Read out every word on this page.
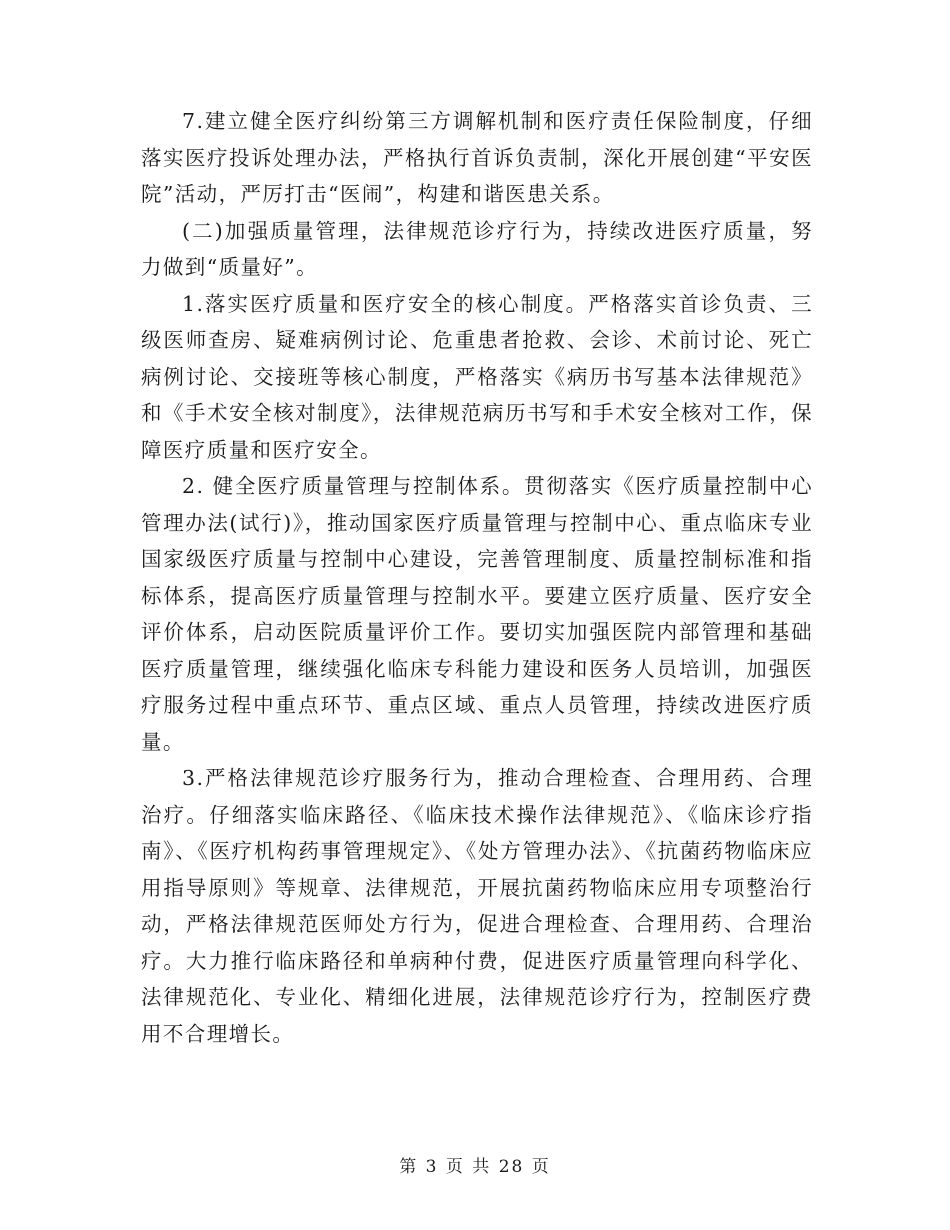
7.建立健全医疗纠纷第三方调解机制和医疗责任保险制度，仔细落实医疗投诉处理办法，严格执行首诉负责制，深化开展创建“平安医院”活动，严厉打击“医闹”，构建和谐医患关系。

(二)加强质量管理，法律规范诊疗行为，持续改进医疗质量，努力做到“质量好”。

1.落实医疗质量和医疗安全的核心制度。严格落实首诊负责、三级医师查房、疑难病例讨论、危重患者抢救、会诊、术前讨论、死亡病例讨论、交接班等核心制度，严格落实《病历书写基本法律规范》和《手术安全核对制度》，法律规范病历书写和手术安全核对工作，保障医疗质量和医疗安全。

2. 健全医疗质量管理与控制体系。贯彻落实《医疗质量控制中心管理办法(试行)》，推动国家医疗质量管理与控制中心、重点临床专业国家级医疗质量与控制中心建设，完善管理制度、质量控制标准和指标体系，提高医疗质量管理与控制水平。要建立医疗质量、医疗安全评价体系，启动医院质量评价工作。要切实加强医院内部管理和基础医疗质量管理，继续强化临床专科能力建设和医务人员培训，加强医疗服务过程中重点环节、重点区域、重点人员管理，持续改进医疗质量。

3.严格法律规范诊疗服务行为，推动合理检查、合理用药、合理治疗。仔细落实临床路径、《临床技术操作法律规范》、《临床诊疗指南》、《医疗机构药事管理规定》、《处方管理办法》、《抗菌药物临床应用指导原则》等规章、法律规范，开展抗菌药物临床应用专项整治行动，严格法律规范医师处方行为，促进合理检查、合理用药、合理治疗。大力推行临床路径和单病种付费，促进医疗质量管理向科学化、法律规范化、专业化、精细化进展，法律规范诊疗行为，控制医疗费用不合理增长。

第 3 页 共 28 页
